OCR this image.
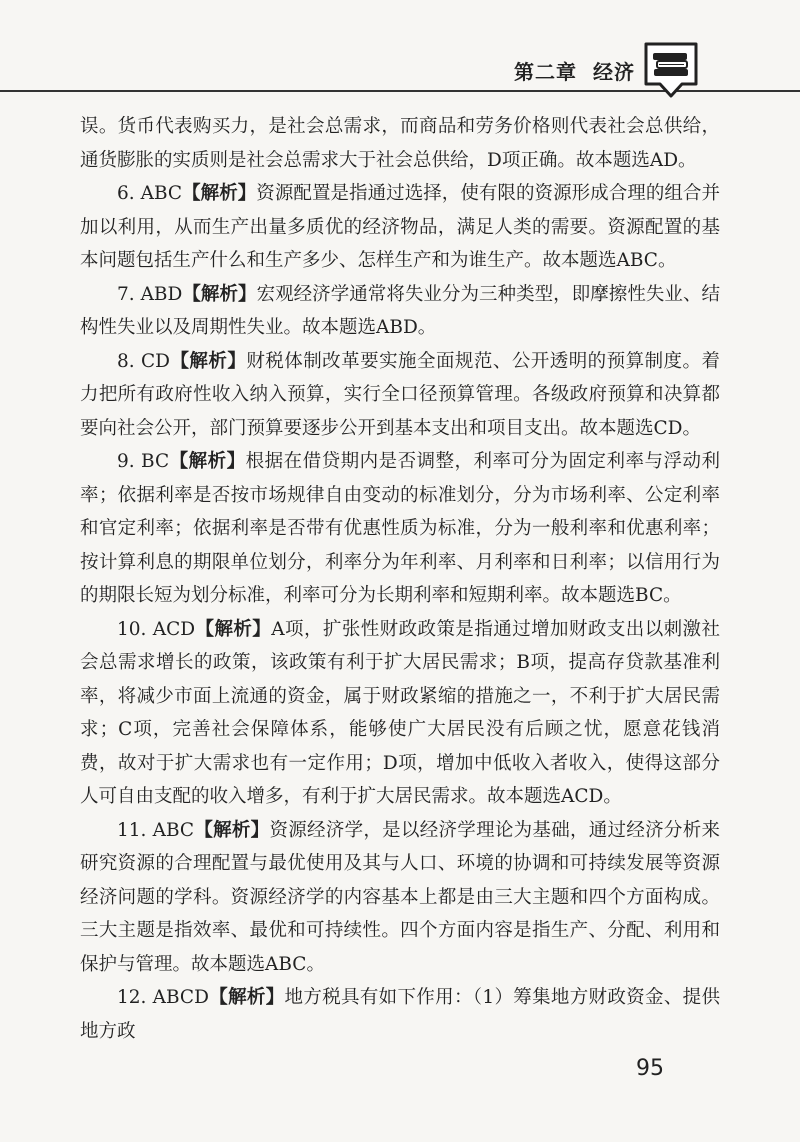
第二章 经济

误。货币代表购买力，是社会总需求，而商品和劳务价格则代表社会总供给，通货膨胀的实质则是社会总需求大于社会总供给，D项正确。故本题选AD。

6. ABC【解析】资源配置是指通过选择，使有限的资源形成合理的组合并加以利用，从而生产出量多质优的经济物品，满足人类的需要。资源配置的基本问题包括生产什么和生产多少、怎样生产和为谁生产。故本题选ABC。

7. ABD【解析】宏观经济学通常将失业分为三种类型，即摩擦性失业、结构性失业以及周期性失业。故本题选ABD。

8. CD【解析】财税体制改革要实施全面规范、公开透明的预算制度。着力把所有政府性收入纳入预算，实行全口径预算管理。各级政府预算和决算都要向社会公开，部门预算要逐步公开到基本支出和项目支出。故本题选CD。

9. BC【解析】根据在借贷期内是否调整，利率可分为固定利率与浮动利率；依据利率是否按市场规律自由变动的标准划分，分为市场利率、公定利率和官定利率；依据利率是否带有优惠性质为标准，分为一般利率和优惠利率；按计算利息的期限单位划分，利率分为年利率、月利率和日利率；以信用行为的期限长短为划分标准，利率可分为长期利率和短期利率。故本题选BC。

10. ACD【解析】A项，扩张性财政政策是指通过增加财政支出以刺激社会总需求增长的政策，该政策有利于扩大居民需求；B项，提高存贷款基准利率，将减少市面上流通的资金，属于财政紧缩的措施之一，不利于扩大居民需求；C项，完善社会保障体系，能够使广大居民没有后顾之忧，愿意花钱消费，故对于扩大需求也有一定作用；D项，增加中低收入者收入，使得这部分人可自由支配的收入增多，有利于扩大居民需求。故本题选ACD。

11. ABC【解析】资源经济学，是以经济学理论为基础，通过经济分析来研究资源的合理配置与最优使用及其与人口、环境的协调和可持续发展等资源经济问题的学科。资源经济学的内容基本上都是由三大主题和四个方面构成。三大主题是指效率、最优和可持续性。四个方面内容是指生产、分配、利用和保护与管理。故本题选ABC。

12. ABCD【解析】地方税具有如下作用：（1）筹集地方财政资金、提供地方政

95
